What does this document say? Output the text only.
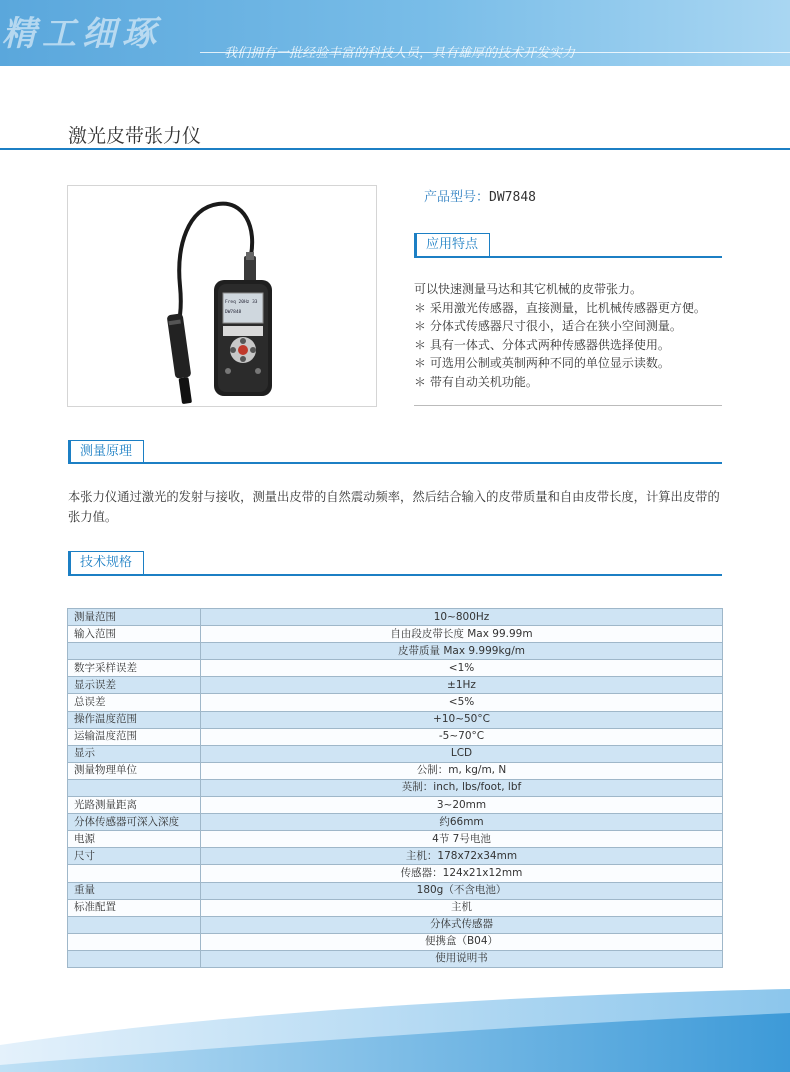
精工细琢	我们拥有一批经验丰富的科技人员，具有雄厚的技术开发实力
激光皮带张力仪
Freq 20Hz 33
DW7848
产品型号：DW7848
应用特点
可以快速测量马达和其它机械的皮带张力。
＊ 采用激光传感器，直接测量，比机械传感器更方便。
＊ 分体式传感器尺寸很小，适合在狭小空间测量。
＊ 具有一体式、分体式两种传感器供选择使用。
＊ 可选用公制或英制两种不同的单位显示读数。
＊ 带有自动关机功能。
测量原理
本张力仪通过激光的发射与接收，测量出皮带的自然震动频率，然后结合输入的皮带质量和自由皮带长度，计算出皮带的张力值。
技术规格
测量范围	10~800Hz
输入范围	自由段皮带长度 Max 99.99m
	皮带质量 Max 9.999kg/m
数字采样误差	<1%
显示误差	±1Hz
总误差	<5%
操作温度范围	+10~50°C
运输温度范围	-5~70°C
显示	LCD
测量物理单位	公制：m, kg/m, N
	英制：inch, lbs/foot, lbf
光路测量距离	3~20mm
分体传感器可深入深度	约66mm
电源	4节 7号电池
尺寸	主机：178x72x34mm
	传感器：124x21x12mm
重量	180g（不含电池）
标准配置	主机
	分体式传感器
	便携盒（B04）
	使用说明书
